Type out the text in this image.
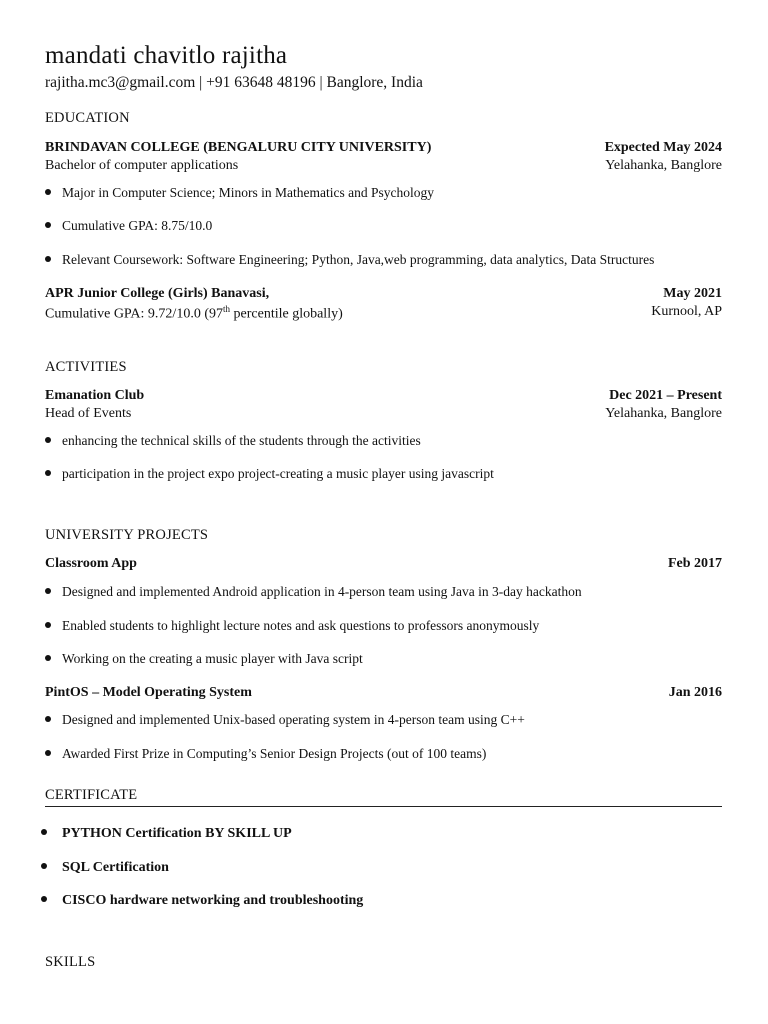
mandati chavitlo rajitha
rajitha.mc3@gmail.com | +91 63648 48196 | Banglore, India
EDUCATION
BRINDAVAN COLLEGE (BENGALURU CITY UNIVERSITY)	Expected May 2024
Bachelor of computer applications	Yelahanka, Banglore
Major in Computer Science; Minors in Mathematics and Psychology
Cumulative GPA: 8.75/10.0
Relevant Coursework: Software Engineering; Python, Java,web programming, data analytics, Data Structures
APR Junior College (Girls) Banavasi,	May 2021
Cumulative GPA: 9.72/10.0 (97th percentile globally)	Kurnool, AP
ACTIVITIES
Emanation Club	Dec 2021 – Present
Head of Events	Yelahanka, Banglore
enhancing the technical skills of the students through the activities
participation in the project expo project-creating a music player using javascript
UNIVERSITY PROJECTS
Classroom App	Feb 2017
Designed and implemented Android application in 4-person team using Java in 3-day hackathon
Enabled students to highlight lecture notes and ask questions to professors anonymously
Working on the creating a music player with Java script
PintOS – Model Operating System	Jan 2016
Designed and implemented Unix-based operating system in 4-person team using C++
Awarded First Prize in Computing’s Senior Design Projects (out of 100 teams)
CERTIFICATE
PYTHON Certification BY SKILL UP
SQL Certification
CISCO hardware networking and troubleshooting
SKILLS
